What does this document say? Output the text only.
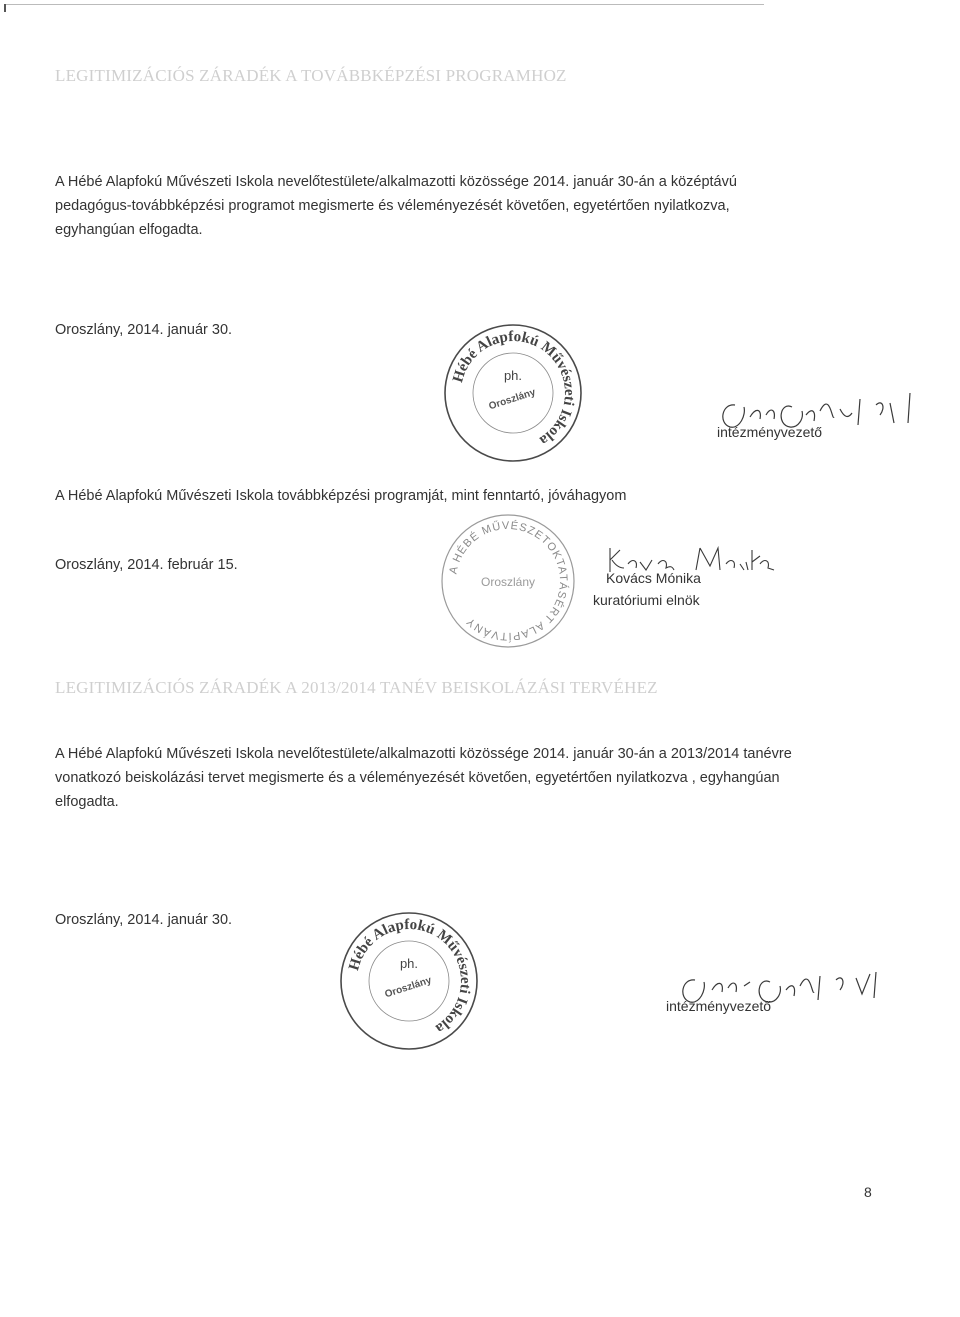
LEGITIMIZÁCIÓS ZÁRADÉK A TOVÁBBKÉPZÉSI PROGRAMHOZ
A Hébé Alapfokú Művészeti Iskola nevelőtestülete/alkalmazotti közössége 2014. január 30-án a középtávú
pedagógus-továbbképzési programot megismerte és véleményezését követően, egyetértően nyilatkozva,
egyhangúan elfogadta.
Oroszlány, 2014. január 30.
Hébé Alapfokú Művészeti Iskola
ph.
Oroszlány
intézményvezető
A Hébé Alapfokú Művészeti Iskola továbbképzési programját, mint fenntartó, jóváhagyom
Oroszlány, 2014. február 15.	A HÉBÉ MŰVÉSZETOKTATÁSÉRT ALAPÍTVÁNY
Oroszlány	Kovács Mónika
kuratóriumi elnök
LEGITIMIZÁCIÓS ZÁRADÉK A 2013/2014 TANÉV BEISKOLÁZÁSI TERVÉHEZ
A Hébé Alapfokú Művészeti Iskola nevelőtestülete/alkalmazotti közössége 2014. január 30-án a 2013/2014 tanévre
vonatkozó beiskolázási tervet megismerte és a véleményezését követően, egyetértően nyilatkozva , egyhangúan
elfogadta.
Oroszlány, 2014. január 30.
Hébé Alapfokú Művészeti Iskola
ph.
Oroszlány
intézményvezető
8
